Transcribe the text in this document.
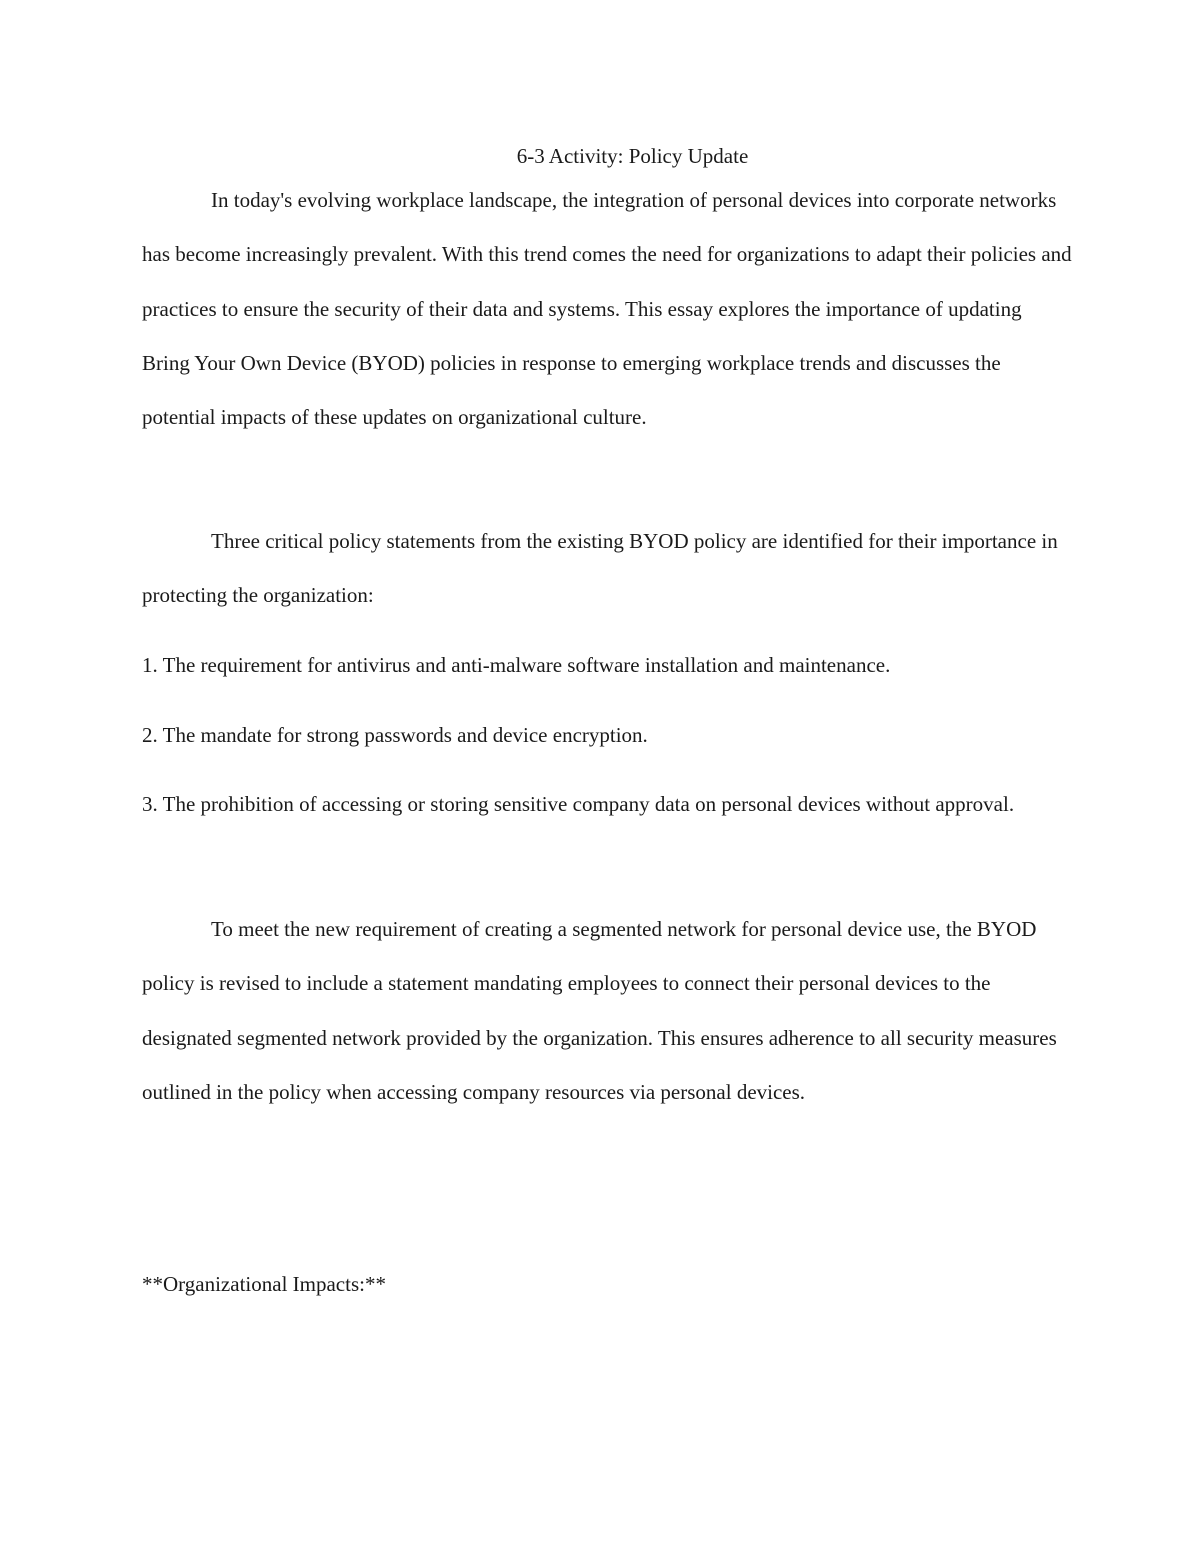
6-3 Activity: Policy Update

In today's evolving workplace landscape, the integration of personal devices into corporate networks has become increasingly prevalent. With this trend comes the need for organizations to adapt their policies and practices to ensure the security of their data and systems. This essay explores the importance of updating Bring Your Own Device (BYOD) policies in response to emerging workplace trends and discusses the potential impacts of these updates on organizational culture.

Three critical policy statements from the existing BYOD policy are identified for their importance in protecting the organization:

1. The requirement for antivirus and anti-malware software installation and maintenance.

2. The mandate for strong passwords and device encryption.

3. The prohibition of accessing or storing sensitive company data on personal devices without approval.

To meet the new requirement of creating a segmented network for personal device use, the BYOD policy is revised to include a statement mandating employees to connect their personal devices to the designated segmented network provided by the organization. This ensures adherence to all security measures outlined in the policy when accessing company resources via personal devices.

**Organizational Impacts:**
